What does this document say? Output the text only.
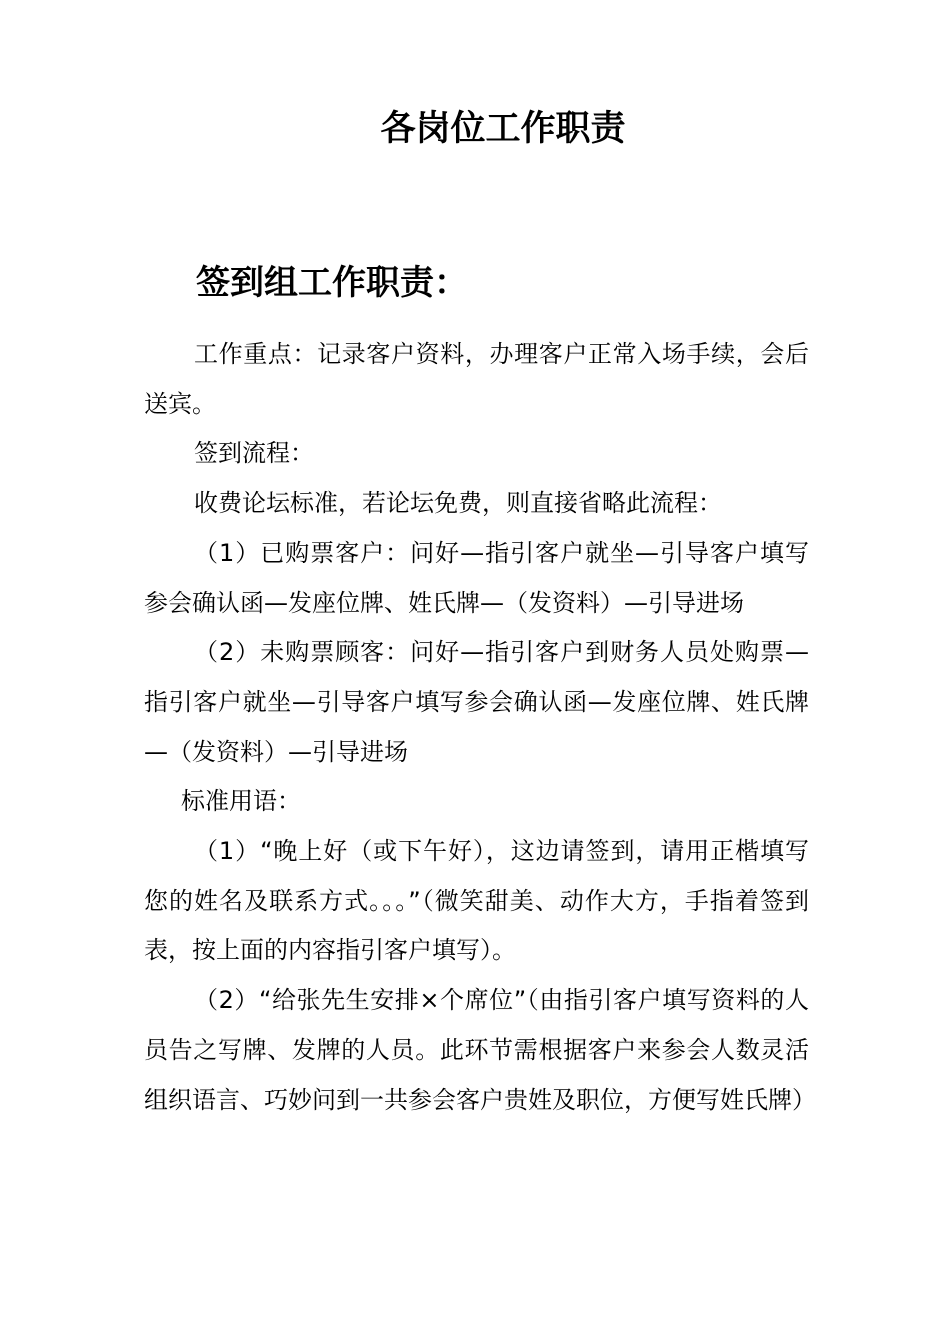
各岗位工作职责
签到组工作职责：

工作重点：记录客户资料，办理客户正常入场手续，会后送宾。

签到流程：

收费论坛标准，若论坛免费，则直接省略此流程：

（1）已购票客户：问好—指引客户就坐—引导客户填写参会确认函—发座位牌、姓氏牌—（发资料）—引导进场

（2）未购票顾客：问好—指引客户到财务人员处购票—指引客户就坐—引导客户填写参会确认函—发座位牌、姓氏牌—（发资料）—引导进场

标准用语：

（1）“晚上好（或下午好），这边请签到，请用正楷填写您的姓名及联系方式。。。”（微笑甜美、动作大方，手指着签到表，按上面的内容指引客户填写）。

（2）“给张先生安排×个席位”（由指引客户填写资料的人员告之写牌、发牌的人员。此环节需根据客户来参会人数灵活组织语言、巧妙问到一共参会客户贵姓及职位，方便写姓氏牌）
